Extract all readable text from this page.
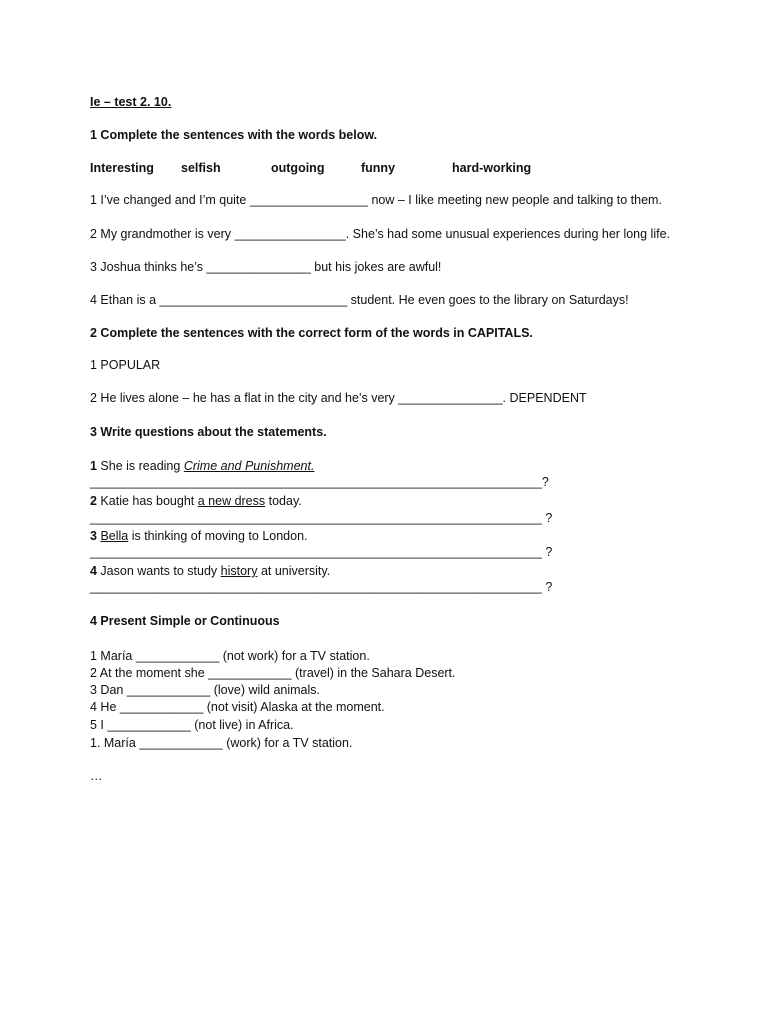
Ie – test 2. 10.
1 Complete the sentences with the words below.
Interesting selfish	outgoing	funny	hard-working
1 I’ve changed and I’m quite _________________ now – I like meeting new people and talking to them.
2 My grandmother is very ________________. She’s had some unusual experiences during her long life.
3 Joshua thinks he’s _______________ but his jokes are awful!
4 Ethan is a ___________________________ student. He even goes to the library on Saturdays!
2 Complete the sentences with the correct form of the words in CAPITALS.
1 POPULAR
2 He lives alone – he has a flat in the city and he’s very _______________. DEPENDENT
3 Write questions about the statements.
1 She is reading Crime and Punishment.
_________________________________________________________________?
2 Katie has bought a new dress today.
_________________________________________________________________ ?
3 Bella is thinking of moving to London.
_________________________________________________________________ ?
4 Jason wants to study history at university.
_________________________________________________________________ ?
4 Present Simple or Continuous
1 María ____________ (not work) for a TV station.
2 At the moment she ____________ (travel) in the Sahara Desert.
3 Dan ____________ (love) wild animals.
4 He ____________ (not visit) Alaska at the moment.
5 I ____________ (not live) in Africa.
1. María ____________ (work) for a TV station.
…
